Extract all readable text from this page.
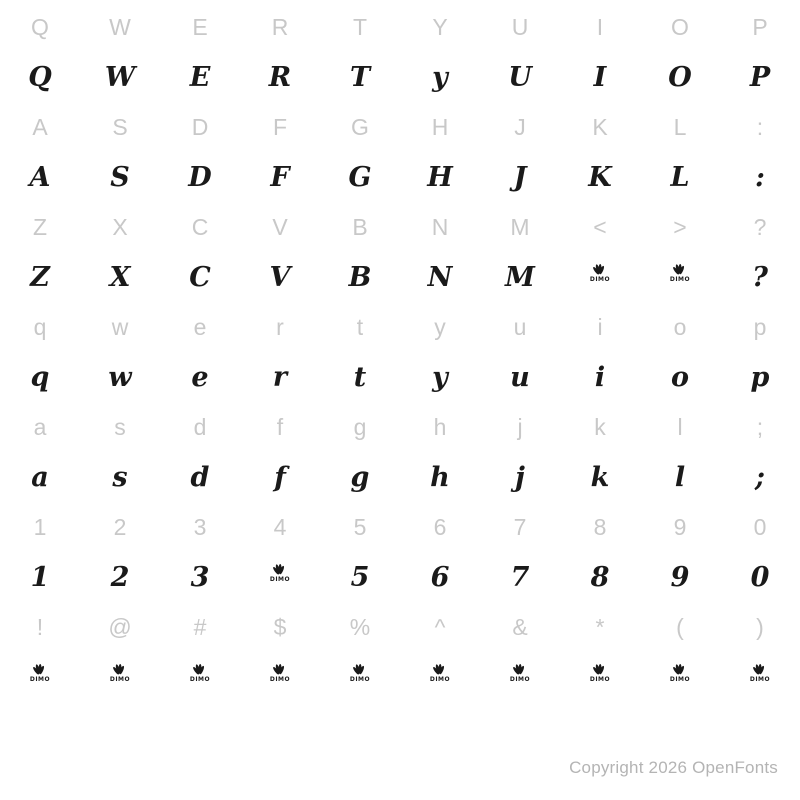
Q	W	E	R	T	Y	U	I	O	P
Q	W	E	R	T	y	U	I	O	P
A	S	D	F	G	H	J	K	L	:
A	S	D	F	G	H	J	K	L	:
Z	X	C	V	B	N	M	<	>	?
Z	X	C	V	B	N	M	DIMO	DIMO	?
q	w	e	r	t	y	u	i	o	p
q	w	e	r	t	y	u	i	o	p
a	s	d	f	g	h	j	k	l	;
a	s	d	f	g	h	j	k	l	;
1	2	3	4	5	6	7	8	9	0
1	2	3	DIMO	5	6	7	8	9	0
!	@	#	$	%	^	&	*	(	)
DIMO	DIMO	DIMO	DIMO	DIMO	DIMO	DIMO	DIMO	DIMO	DIMO
Copyright 2026 OpenFonts
